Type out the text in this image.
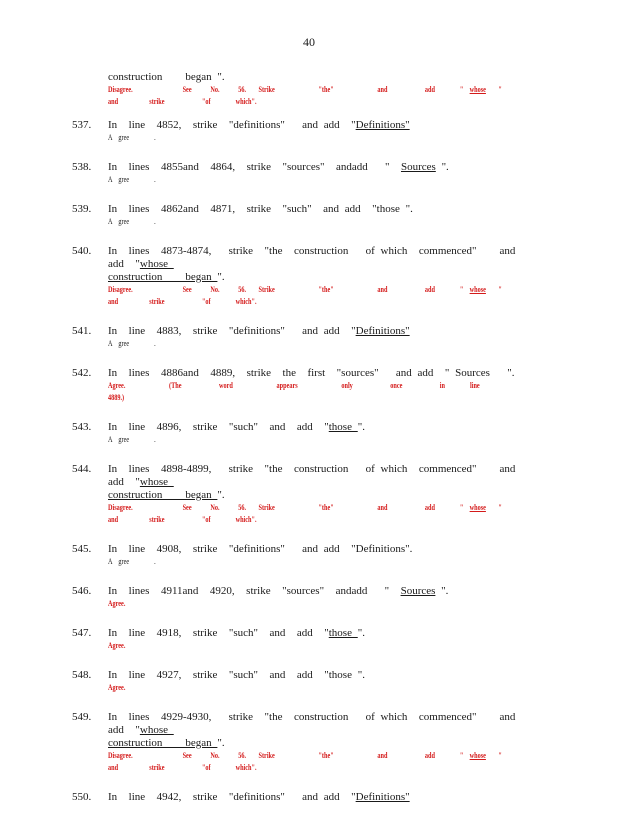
40
construction    began ".
Disagree.        See   No.   56.  Strike       "the"       and      add    " whose  " and     strike      "of    which".
537. In  line  4852,  strike  "definitions"   and add  "Definitions"
A gree    .
538. In  lines  4855and  4864,  strike  "sources"  andadd   "  Sources ".
A gree    .
539. In  lines  4862and  4871,  strike  "such"  and add  "those ".
A gree    .
540. In  lines  4873-4874,   strike  "the  construction   of which  commenced"    and add  "whose
construction    began ".
Disagree.        See   No.   56.  Strike       "the"       and      add    " whose  " and     strike      "of    which".
541. In  line  4883,  strike  "definitions"   and add  "Definitions"
A gree    .
542. In  lines  4886and  4889,  strike  the  first  "sources"   and add  " Sources   ".
Agree.       (The      word       appears       only      once      in    line     4889.)
543. In  line  4896,  strike  "such"  and  add  "those ".
A gree    .
544. In  lines  4898-4899,   strike  "the  construction   of which  commenced"    and add  "whose
construction    began ".
Disagree.        See   No.   56.  Strike       "the"       and      add    " whose  " and     strike      "of    which".
545. In  line  4908,  strike  "definitions"   and add  "Definitions".
A gree    .
546. In  lines  4911and  4920,  strike  "sources"  andadd   "  Sources ".
Agree.
547. In  line  4918,  strike  "such"  and  add  "those ".
Agree.
548. In  line  4927,  strike  "such"  and  add  "those ".
Agree.
549. In  lines  4929-4930,   strike  "the  construction   of which  commenced"    and add  "whose
construction    began ".
Disagree.        See   No.   56.  Strike       "the"       and      add    " whose  " and     strike      "of    which".
550. In  line  4942,  strike  "definitions"   and add  "Definitions"
